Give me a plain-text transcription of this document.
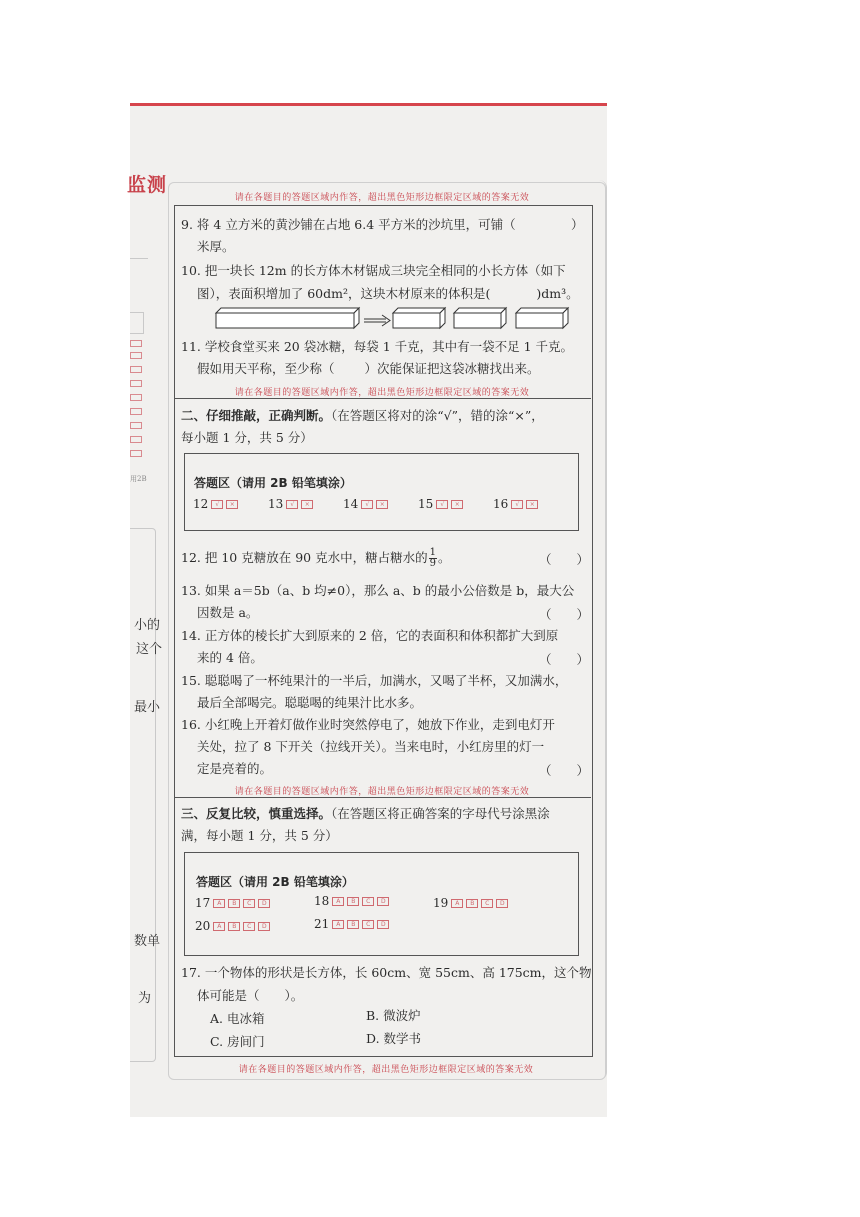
监测
用2B
小的
这个
最小
数单
为
请在各题目的答题区域内作答，超出黑色矩形边框限定区域的答案无效
请在各题目的答题区域内作答，超出黑色矩形边框限定区域的答案无效
请在各题目的答题区域内作答，超出黑色矩形边框限定区域的答案无效
请在各题目的答题区域内作答，超出黑色矩形边框限定区域的答案无效
9. 将 4 立方米的黄沙铺在占地 6.4 平方米的沙坑里，可铺（	）
米厚。
10. 把一块长 12m 的长方体木材锯成三块完全相同的小长方体（如下
图），表面积增加了 60dm²，这块木材原来的体积是(	)dm³。
11. 学校食堂买来 20 袋冰糖，每袋 1 千克，其中有一袋不足 1 千克。
假如用天平称，至少称（ ）次能保证把这袋冰糖找出来。
二、仔细推敲，正确判断。（在答题区将对的涂“√”，错的涂“×”，
每小题 1 分，共 5 分）
答题区（请用 2B 铅笔填涂）
12 √ ×	13 √ ×	14 √ ×	15 √ ×	16 √ ×
12. 把 10 克糖放在 90 克水中，糖占糖水的 $\frac{1}{9}$ 。	（　　）
13. 如果 a＝5b（a、b 均≠0），那么 a、b 的最小公倍数是 b，最大公
因数是 a。	（　　）
14. 正方体的棱长扩大到原来的 2 倍，它的表面积和体积都扩大到原
来的 4 倍。	（　　）
15. 聪聪喝了一杯纯果汁的一半后，加满水，又喝了半杯，又加满水，
最后全部喝完。聪聪喝的纯果汁比水多。
16. 小红晚上开着灯做作业时突然停电了，她放下作业，走到电灯开
关处，拉了 8 下开关（拉线开关）。当来电时，小红房里的灯一
定是亮着的。	（　　）
三、反复比较，慎重选择。（在答题区将正确答案的字母代号涂黑涂
满，每小题 1 分，共 5 分）
答题区（请用 2B 铅笔填涂）
17 A B C D	18 A B C D	19 A B C D
20 A B C D	21 A B C D
17. 一个物体的形状是长方体，长 60cm、宽 55cm、高 175cm，这个物
体可能是（　　）。
A. 电冰箱	B. 微波炉
C. 房间门	D. 数学书
